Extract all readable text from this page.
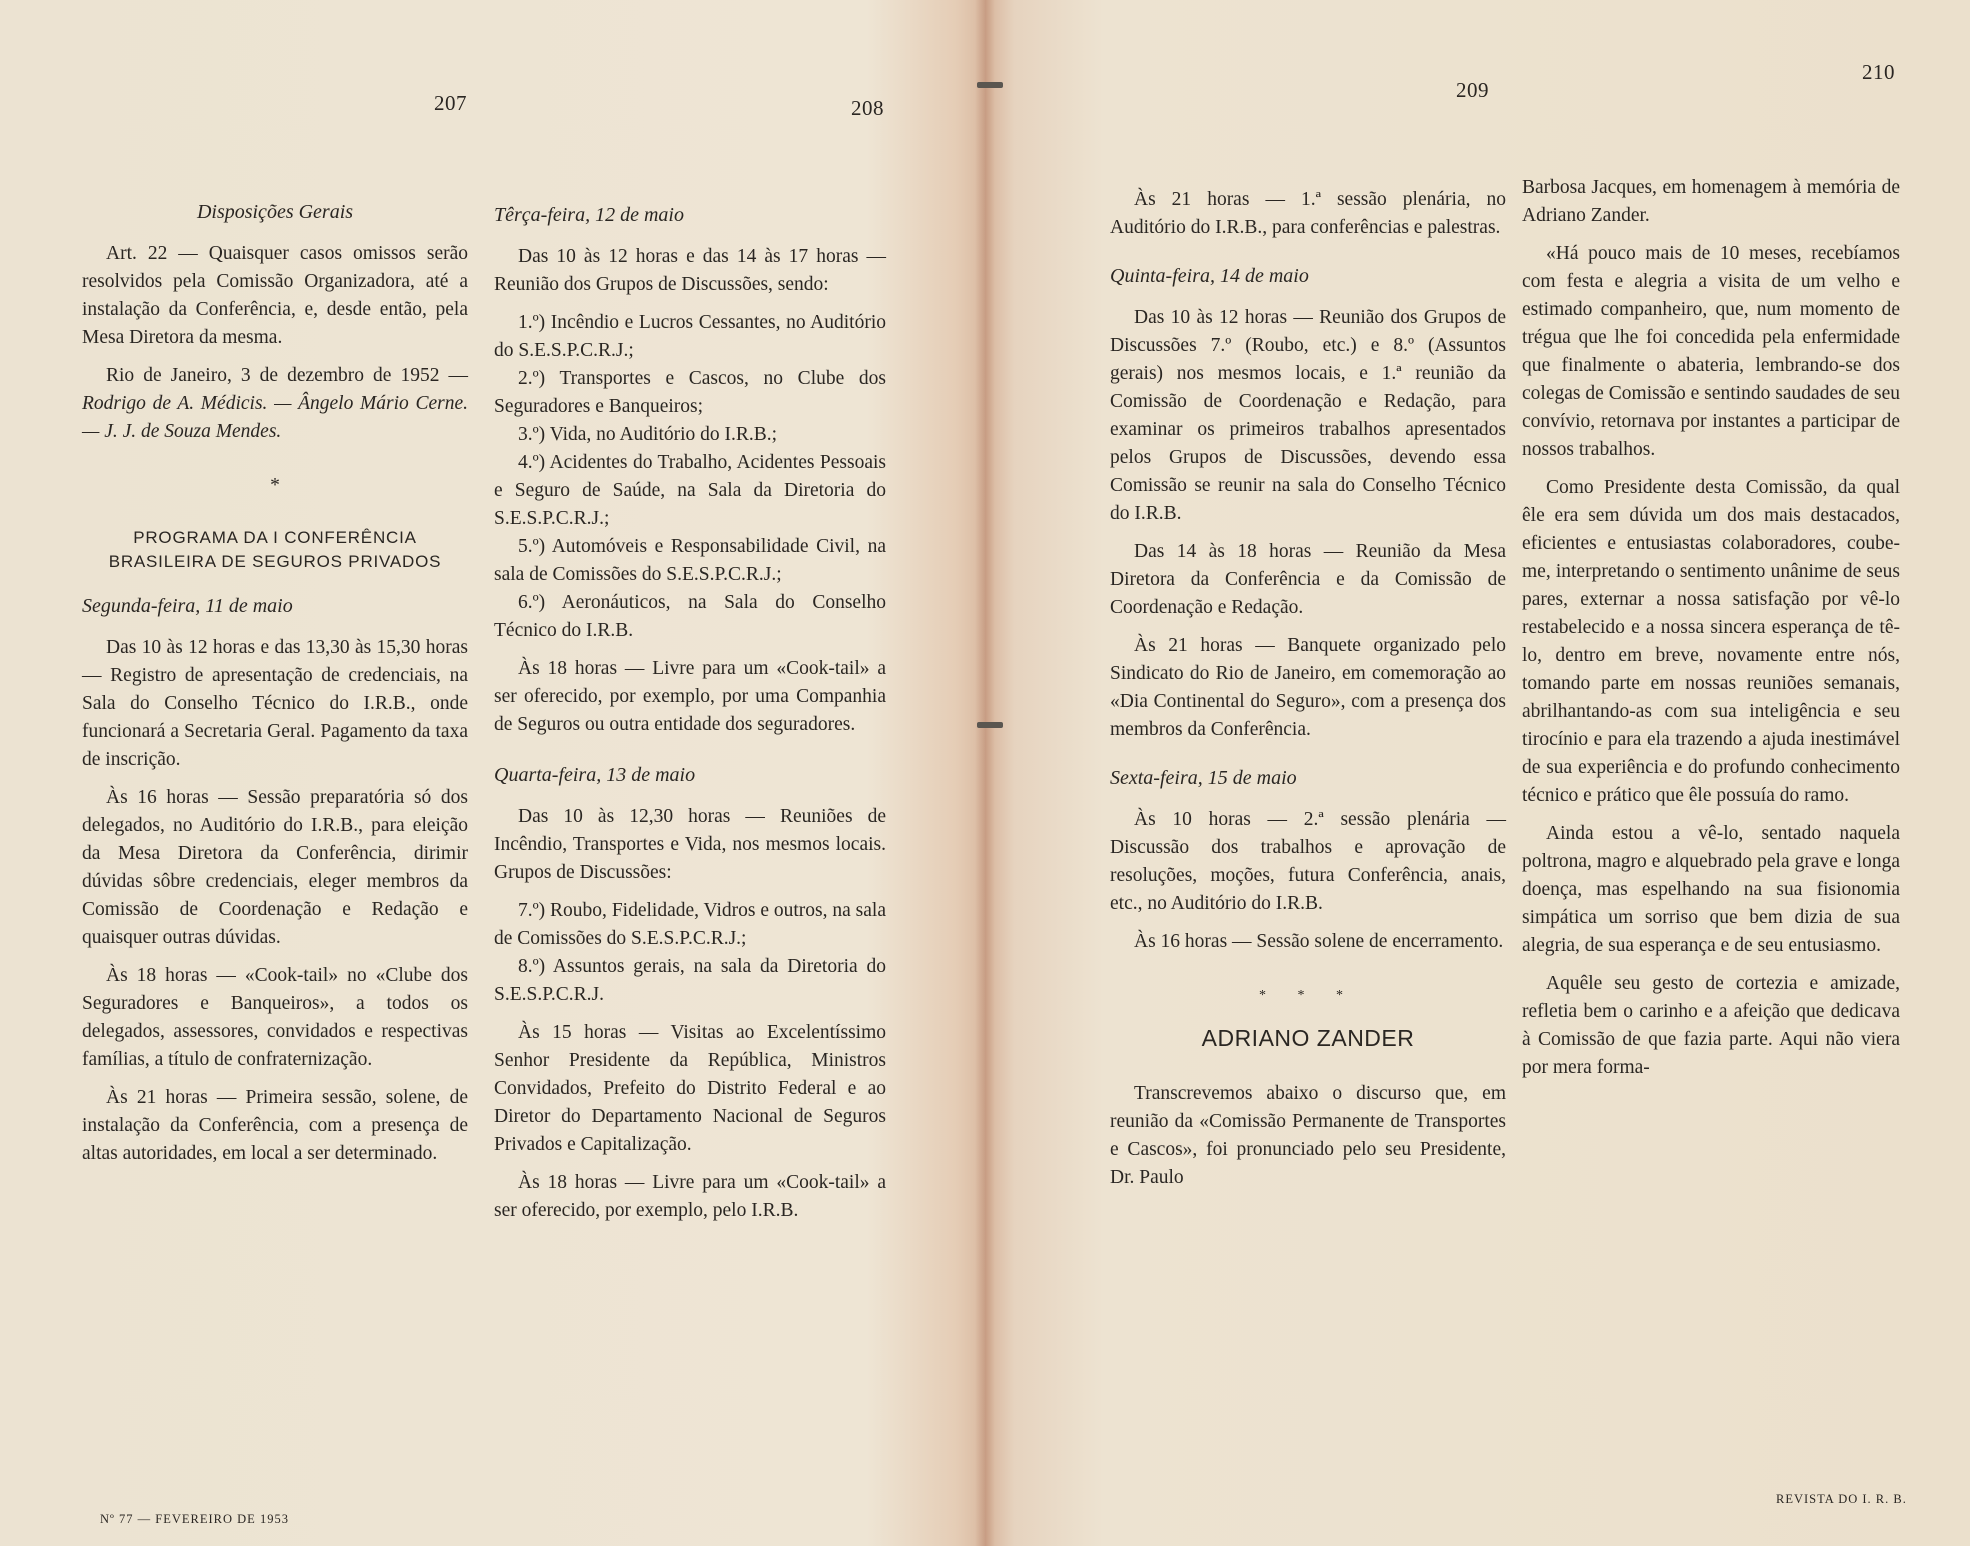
207
Disposições Gerais

Art. 22 — Quaisquer casos omissos serão resolvidos pela Comissão Organizadora, até a instalação da Conferência, e, desde então, pela Mesa Diretora da mesma.

Rio de Janeiro, 3 de dezembro de 1952 — Rodrigo de A. Médicis. — Ângelo Mário Cerne. — J. J. de Souza Mendes.

*

PROGRAMA DA I CONFERÊNCIA BRASILEIRA DE SEGUROS PRIVADOS

Segunda-feira, 11 de maio

Das 10 às 12 horas e das 13,30 às 15,30 horas — Registro de apresentação de credenciais, na Sala do Conselho Técnico do I.R.B., onde funcionará a Secretaria Geral. Pagamento da taxa de inscrição.

Às 16 horas — Sessão preparatória só dos delegados, no Auditório do I.R.B., para eleição da Mesa Diretora da Conferência, dirimir dúvidas sôbre credenciais, eleger membros da Comissão de Coordenação e Redação e quaisquer outras dúvidas.

Às 18 horas — «Cook-tail» no «Clube dos Seguradores e Banqueiros», a todos os delegados, assessores, convidados e respectivas famílias, a título de confraternização.

Às 21 horas — Primeira sessão, solene, de instalação da Conferência, com a presença de altas autoridades, em local a ser determinado.

Nº 77 — FEVEREIRO DE 1953
208
Têrça-feira, 12 de maio

Das 10 às 12 horas e das 14 às 17 horas — Reunião dos Grupos de Discussões, sendo:

1.º) Incêndio e Lucros Cessantes, no Auditório do S.E.S.P.C.R.J.;

2.º) Transportes e Cascos, no Clube dos Seguradores e Banqueiros;

3.º) Vida, no Auditório do I.R.B.;

4.º) Acidentes do Trabalho, Acidentes Pessoais e Seguro de Saúde, na Sala da Diretoria do S.E.S.P.C.R.J.;

5.º) Automóveis e Responsabilidade Civil, na sala de Comissões do S.E.S.P.C.R.J.;

6.º) Aeronáuticos, na Sala do Conselho Técnico do I.R.B.

Às 18 horas — Livre para um «Cook-tail» a ser oferecido, por exemplo, por uma Companhia de Seguros ou outra entidade dos seguradores.

Quarta-feira, 13 de maio

Das 10 às 12,30 horas — Reuniões de Incêndio, Transportes e Vida, nos mesmos locais. Grupos de Discussões:

7.º) Roubo, Fidelidade, Vidros e outros, na sala de Comissões do S.E.S.P.C.R.J.;

8.º) Assuntos gerais, na sala da Diretoria do S.E.S.P.C.R.J.

Às 15 horas — Visitas ao Excelentíssimo Senhor Presidente da República, Ministros Convidados, Prefeito do Distrito Federal e ao Diretor do Departamento Nacional de Seguros Privados e Capitalização.

Às 18 horas — Livre para um «Cook-tail» a ser oferecido, por exemplo, pelo I.R.B.

209

Às 21 horas — 1.ª sessão plenária, no Auditório do I.R.B., para conferências e palestras.

Quinta-feira, 14 de maio

Das 10 às 12 horas — Reunião dos Grupos de Discussões 7.º (Roubo, etc.) e 8.º (Assuntos gerais) nos mesmos locais, e 1.ª reunião da Comissão de Coordenação e Redação, para examinar os primeiros trabalhos apresentados pelos Grupos de Discussões, devendo essa Comissão se reunir na sala do Conselho Técnico do I.R.B.

Das 14 às 18 horas — Reunião da Mesa Diretora da Conferência e da Comissão de Coordenação e Redação.

Às 21 horas — Banquete organizado pelo Sindicato do Rio de Janeiro, em comemoração ao «Dia Continental do Seguro», com a presença dos membros da Conferência.

Sexta-feira, 15 de maio

Às 10 horas — 2.ª sessão plenária — Discussão dos trabalhos e aprovação de resoluções, moções, futura Conferência, anais, etc., no Auditório do I.R.B.

Às 16 horas — Sessão solene de encerramento.

* * *

ADRIANO ZANDER

Transcrevemos abaixo o discurso que, em reunião da «Comissão Permanente de Transportes e Cascos», foi pronunciado pelo seu Presidente, Dr. Paulo

210

Barbosa Jacques, em homenagem à memória de Adriano Zander.

«Há pouco mais de 10 meses, recebíamos com festa e alegria a visita de um velho e estimado companheiro, que, num momento de trégua que lhe foi concedida pela enfermidade que finalmente o abateria, lembrando-se dos colegas de Comissão e sentindo saudades de seu convívio, retornava por instantes a participar de nossos trabalhos.

Como Presidente desta Comissão, da qual êle era sem dúvida um dos mais destacados, eficientes e entusiastas colaboradores, coube-me, interpretando o sentimento unânime de seus pares, externar a nossa satisfação por vê-lo restabelecido e a nossa sincera esperança de tê-lo, dentro em breve, novamente entre nós, tomando parte em nossas reuniões semanais, abrilhantando-as com sua inteligência e seu tirocínio e para ela trazendo a ajuda inestimável de sua experiência e do profundo conhecimento técnico e prático que êle possuía do ramo.

Ainda estou a vê-lo, sentado naquela poltrona, magro e alquebrado pela grave e longa doença, mas espelhando na sua fisionomia simpática um sorriso que bem dizia de sua alegria, de sua esperança e de seu entusiasmo.

Aquêle seu gesto de cortezia e amizade, refletia bem o carinho e a afeição que dedicava à Comissão de que fazia parte. Aqui não viera por mera forma-

REVISTA DO I. R. B.
